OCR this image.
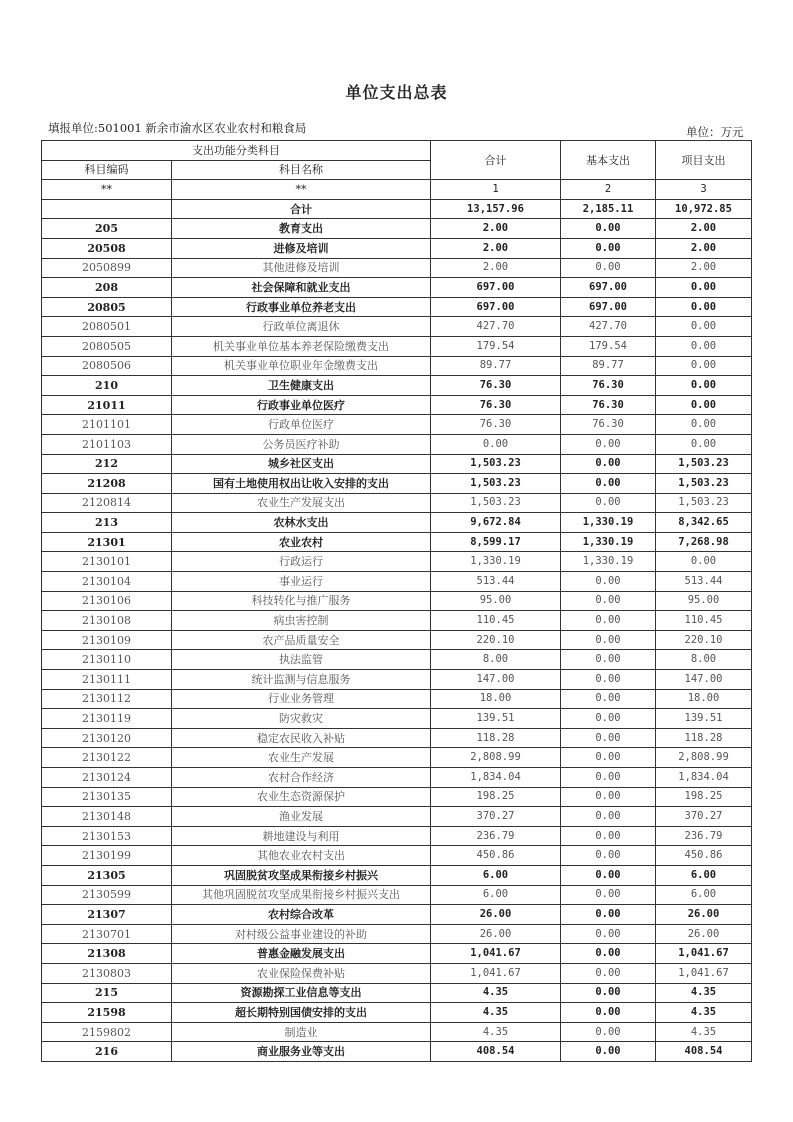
单位支出总表
填报单位:501001 新余市渝水区农业农村和粮食局	单位：万元
支出功能分类科目		合计	基本支出	项目支出
科目编码	科目名称			
**	**	1	2	3
	合计	13,157.96	2,185.11	10,972.85
205	教育支出	2.00	0.00	2.00
20508	进修及培训	2.00	0.00	2.00
2050899	其他进修及培训	2.00	0.00	2.00
208	社会保障和就业支出	697.00	697.00	0.00
20805	行政事业单位养老支出	697.00	697.00	0.00
2080501	行政单位离退休	427.70	427.70	0.00
2080505	机关事业单位基本养老保险缴费支出	179.54	179.54	0.00
2080506	机关事业单位职业年金缴费支出	89.77	89.77	0.00
210	卫生健康支出	76.30	76.30	0.00
21011	行政事业单位医疗	76.30	76.30	0.00
2101101	行政单位医疗	76.30	76.30	0.00
2101103	公务员医疗补助	0.00	0.00	0.00
212	城乡社区支出	1,503.23	0.00	1,503.23
21208	国有土地使用权出让收入安排的支出	1,503.23	0.00	1,503.23
2120814	农业生产发展支出	1,503.23	0.00	1,503.23
213	农林水支出	9,672.84	1,330.19	8,342.65
21301	农业农村	8,599.17	1,330.19	7,268.98
2130101	行政运行	1,330.19	1,330.19	0.00
2130104	事业运行	513.44	0.00	513.44
2130106	科技转化与推广服务	95.00	0.00	95.00
2130108	病虫害控制	110.45	0.00	110.45
2130109	农产品质量安全	220.10	0.00	220.10
2130110	执法监管	8.00	0.00	8.00
2130111	统计监测与信息服务	147.00	0.00	147.00
2130112	行业业务管理	18.00	0.00	18.00
2130119	防灾救灾	139.51	0.00	139.51
2130120	稳定农民收入补贴	118.28	0.00	118.28
2130122	农业生产发展	2,808.99	0.00	2,808.99
2130124	农村合作经济	1,834.04	0.00	1,834.04
2130135	农业生态资源保护	198.25	0.00	198.25
2130148	渔业发展	370.27	0.00	370.27
2130153	耕地建设与利用	236.79	0.00	236.79
2130199	其他农业农村支出	450.86	0.00	450.86
21305	巩固脱贫攻坚成果衔接乡村振兴	6.00	0.00	6.00
2130599	其他巩固脱贫攻坚成果衔接乡村振兴支出	6.00	0.00	6.00
21307	农村综合改革	26.00	0.00	26.00
2130701	对村级公益事业建设的补助	26.00	0.00	26.00
21308	普惠金融发展支出	1,041.67	0.00	1,041.67
2130803	农业保险保费补贴	1,041.67	0.00	1,041.67
215	资源勘探工业信息等支出	4.35	0.00	4.35
21598	超长期特别国债安排的支出	4.35	0.00	4.35
2159802	制造业	4.35	0.00	4.35
216	商业服务业等支出	408.54	0.00	408.54
